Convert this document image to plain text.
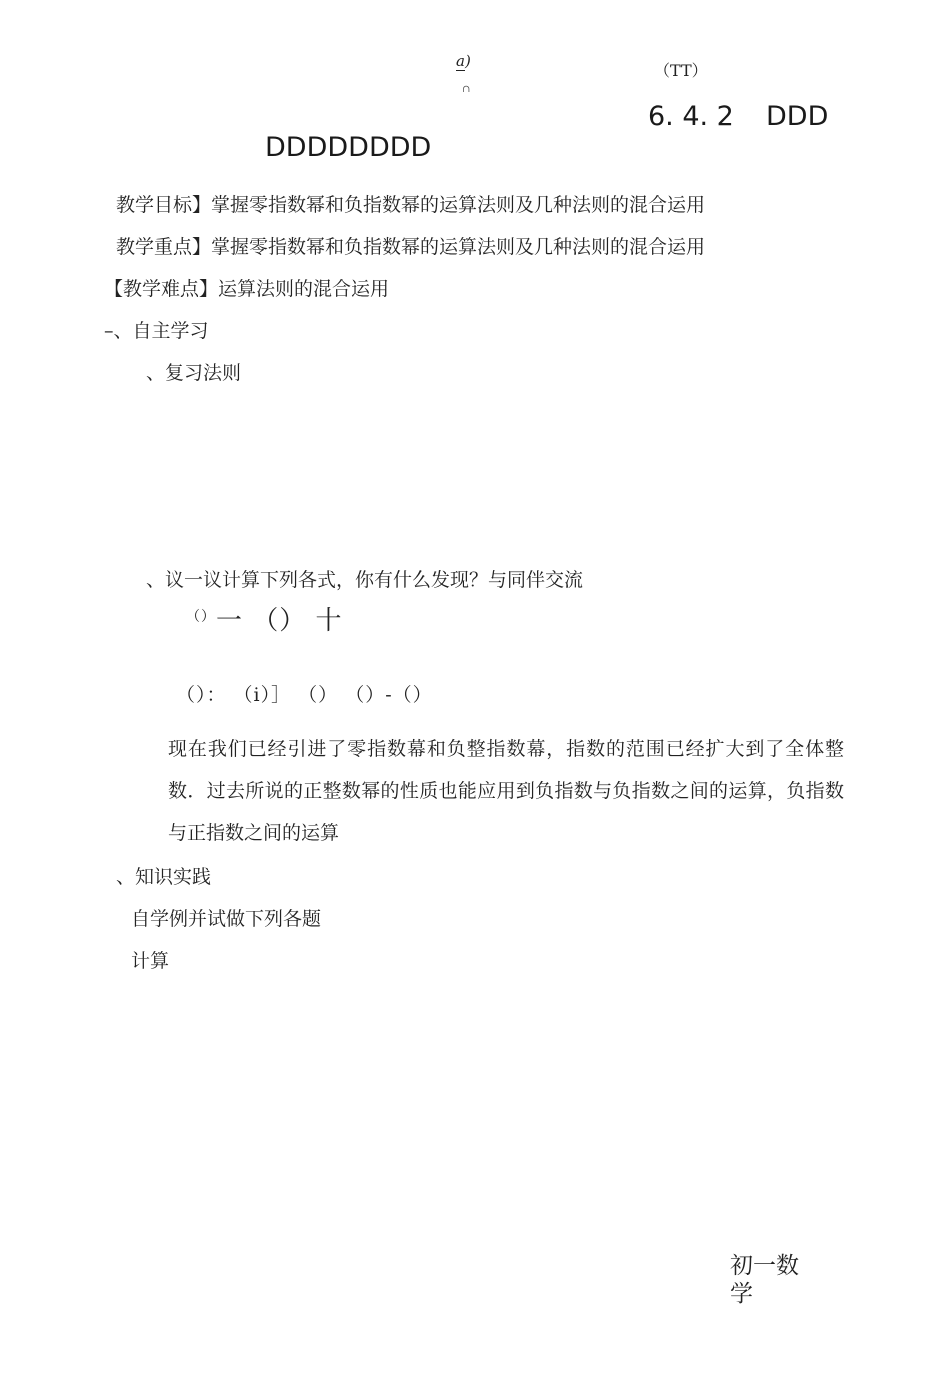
a)
∩
（TT）
6. 4. 2 DDD
DDDDDDDD
教学目标】掌握零指数幂和负指数幂的运算法则及几种法则的混合运用
教学重点】掌握零指数幂和负指数幂的运算法则及几种法则的混合运用
【教学难点】运算法则的混合运用
–、自主学习
、复习法则
、议一议计算下列各式，你有什么发现？与同伴交流
（） 一 （） 十
（）： （i）］ （） （）-（）
现在我们已经引进了零指数幕和负整指数幕，指数的范围已经扩大到了全体整数．过去所说的正整数幂的性质也能应用到负指数与负指数之间的运算，负指数与正指数之间的运算
、知识实践
自学例并试做下列各题
计算
初一数学
